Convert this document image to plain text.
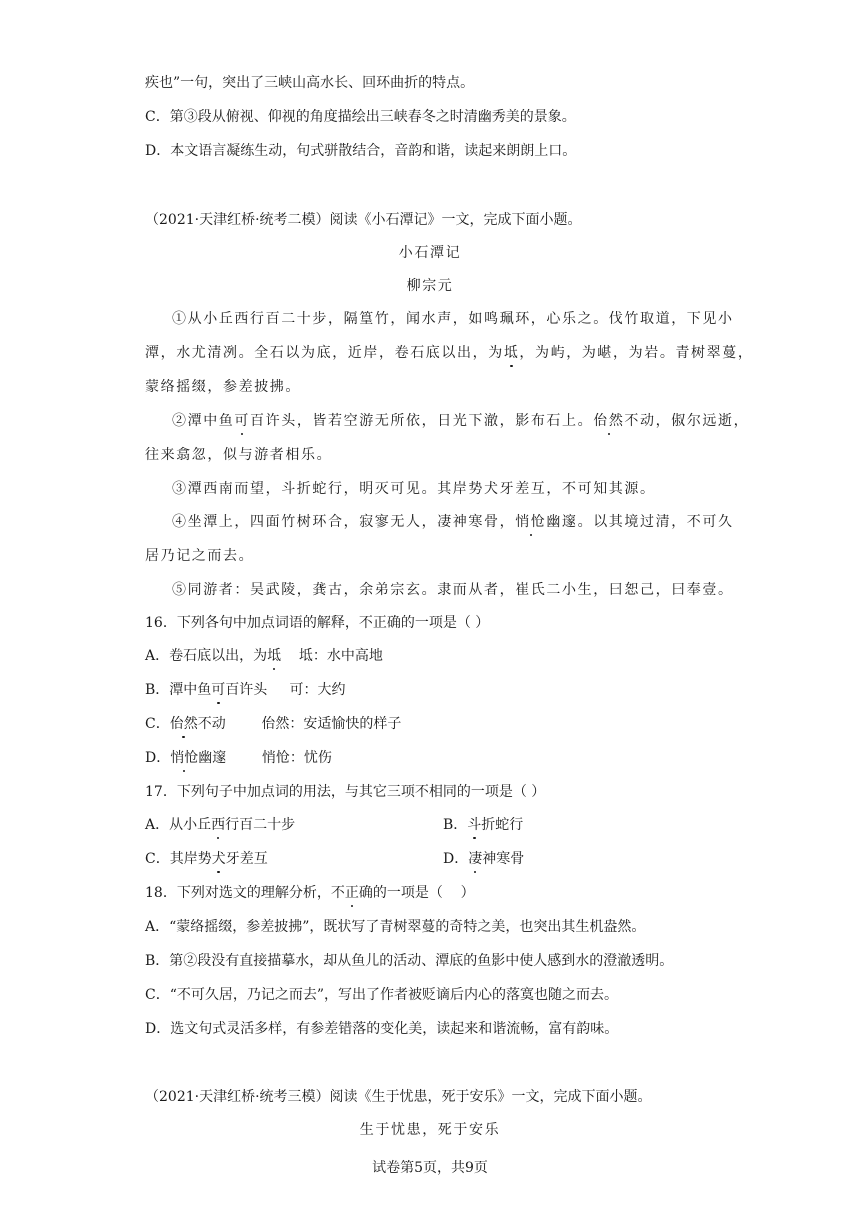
疾也”一句，突出了三峡山高水长、回环曲折的特点。
C．第③段从俯视、仰视的角度描绘出三峡春冬之时清幽秀美的景象。
D．本文语言凝练生动，句式骈散结合，音韵和谐，读起来朗朗上口。
（2021·天津红桥·统考二模）阅读《小石潭记》一文，完成下面小题。
小石潭记
柳宗元
①从小丘西行百二十步，隔篁竹，闻水声，如鸣珮环，心乐之。伐竹取道，下见小
潭，水尤清冽。全石以为底，近岸，卷石底以出，为坻，为屿，为嵁，为岩。青树翠蔓，
蒙络摇缀，参差披拂。
②潭中鱼可百许头，皆若空游无所依，日光下澈，影布石上。佁然不动，俶尔远逝，
往来翕忽，似与游者相乐。
③潭西南而望，斗折蛇行，明灭可见。其岸势犬牙差互，不可知其源。
④坐潭上，四面竹树环合，寂寥无人，凄神寒骨，悄怆幽邃。以其境过清，不可久
居乃记之而去。
⑤同游者：吴武陵，龚古，余弟宗玄。隶而从者，崔氏二小生，曰恕己，曰奉壹。
16．下列各句中加点词语的解释，不正确的一项是（ ）
A．卷石底以出，为坻    坻：水中高地
B．潭中鱼可百许头     可：大约
C．佁然不动        佁然：安适愉快的样子
D．悄怆幽邃        悄怆：忧伤
17．下列句子中加点词的用法，与其它三项不相同的一项是（ ）
A．从小丘西行百二十步	B．斗折蛇行
C．其岸势犬牙差互	D．凄神寒骨
18．下列对选文的理解分析，不正确的一项是（    ）
A．“蒙络摇缀，参差披拂”，既状写了青树翠蔓的奇特之美，也突出其生机盎然。
B．第②段没有直接描摹水，却从鱼儿的活动、潭底的鱼影中使人感到水的澄澈透明。
C．“不可久居，乃记之而去”，写出了作者被贬谪后内心的落寞也随之而去。
D．选文句式灵活多样，有参差错落的变化美，读起来和谐流畅，富有韵味。
（2021·天津红桥·统考三模）阅读《生于忧患，死于安乐》一文，完成下面小题。
生于忧患，死于安乐
试卷第5页，共9页
